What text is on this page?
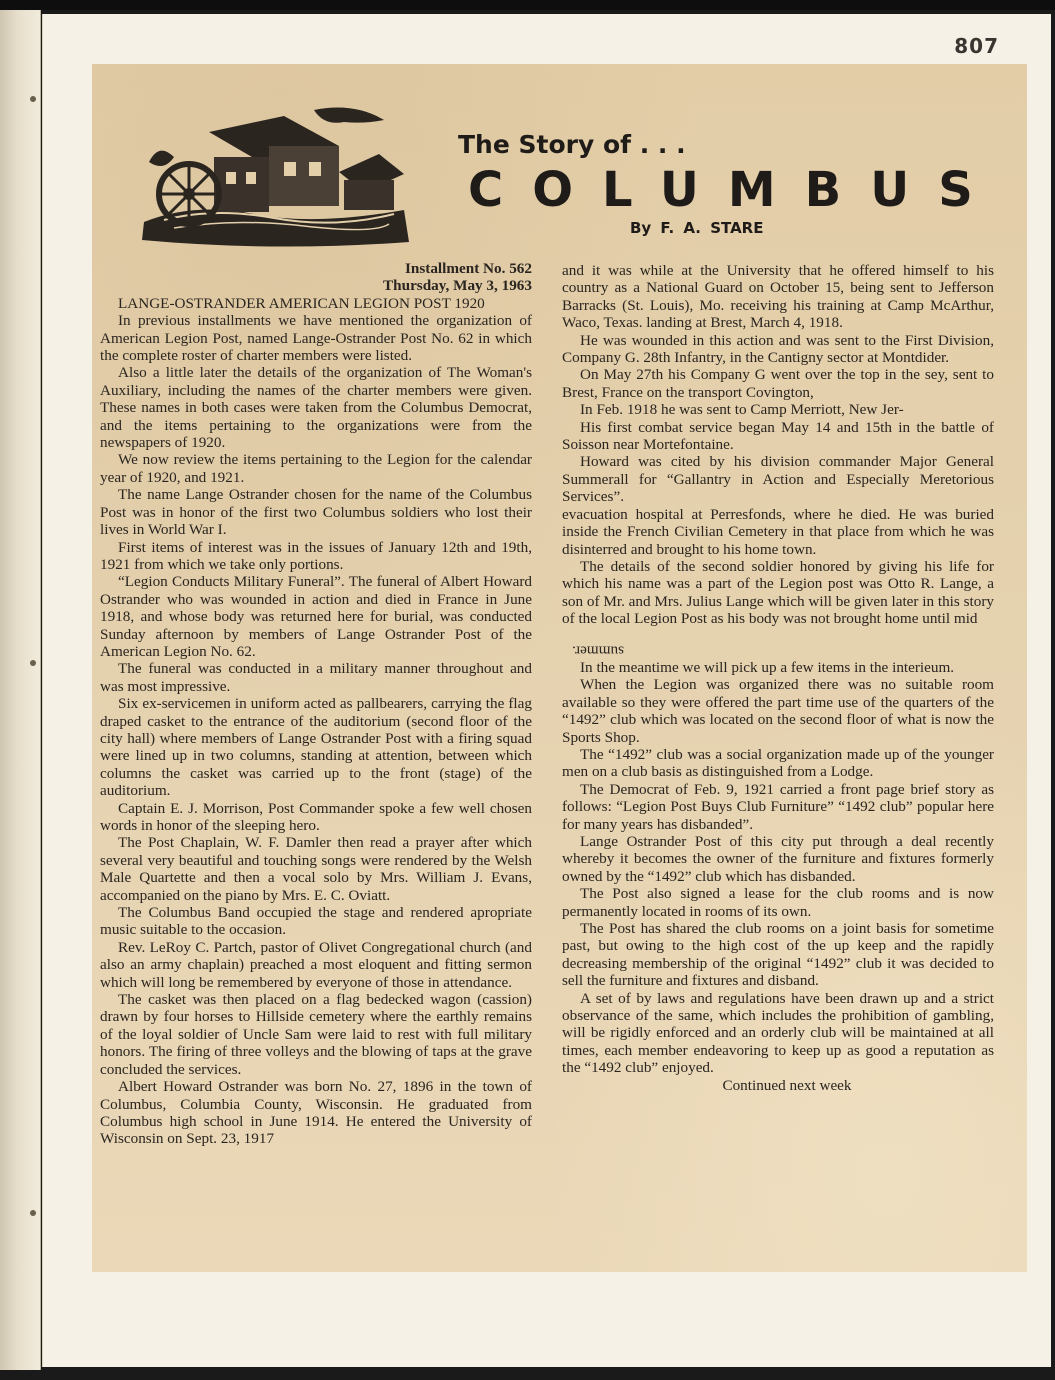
807
The Story of . . .
COLUMBUS
By F. A. STARE

Installment No. 562

Thursday, May 3, 1963

LANGE-OSTRANDER AMERICAN LEGION POST 1920

In previous installments we have mentioned the organization of American Legion Post, named Lange-Ostrander Post No. 62 in which the complete roster of charter members were listed.

Also a little later the details of the organization of The Woman's Auxiliary, including the names of the charter members were given. These names in both cases were taken from the Columbus Democrat, and the items pertaining to the organizations were from the newspapers of 1920.

We now review the items pertaining to the Legion for the calendar year of 1920, and 1921.

The name Lange Ostrander chosen for the name of the Columbus Post was in honor of the first two Columbus soldiers who lost their lives in World War I.

First items of interest was in the issues of January 12th and 19th, 1921 from which we take only portions.

“Legion Conducts Military Funeral”. The funeral of Albert Howard Ostrander who was wounded in action and died in France in June 1918, and whose body was returned here for burial, was conducted Sunday afternoon by members of Lange Ostrander Post of the American Legion No. 62.

The funeral was conducted in a military manner throughout and was most impressive.

Six ex-servicemen in uniform acted as pallbearers, carrying the flag draped casket to the entrance of the auditorium (second floor of the city hall) where members of Lange Ostrander Post with a firing squad were lined up in two columns, standing at attention, between which columns the casket was carried up to the front (stage) of the auditorium.

Captain E. J. Morrison, Post Commander spoke a few well chosen words in honor of the sleeping hero.

The Post Chaplain, W. F. Damler then read a prayer after which several very beautiful and touching songs were rendered by the Welsh Male Quartette and then a vocal solo by Mrs. William J. Evans, accompanied on the piano by Mrs. E. C. Oviatt.

The Columbus Band occupied the stage and rendered apropriate music suitable to the occasion.

Rev. LeRoy C. Partch, pastor of Olivet Congregational church (and also an army chaplain) preached a most eloquent and fitting sermon which will long be remembered by everyone of those in attendance.

The casket was then placed on a flag bedecked wagon (cassion) drawn by four horses to Hillside cemetery where the earthly remains of the loyal soldier of Uncle Sam were laid to rest with full military honors. The firing of three volleys and the blowing of taps at the grave concluded the services.

Albert Howard Ostrander was born No. 27, 1896 in the town of Columbus, Columbia County, Wisconsin. He graduated from Columbus high school in June 1914. He entered the University of Wisconsin on Sept. 23, 1917

and it was while at the University that he offered himself to his country as a National Guard on October 15, being sent to Jefferson Barracks (St. Louis), Mo. receiving his training at Camp McArthur, Waco, Texas. landing at Brest, March 4, 1918.

He was wounded in this action and was sent to the First Division, Company G. 28th Infantry, in the Cantigny sector at Montdider.

On May 27th his Company G went over the top in the sey, sent to Brest, France on the transport Covington,

In Feb. 1918 he was sent to Camp Merriott, New Jer-

His first combat service began May 14 and 15th in the battle of Soisson near Mortefontaine.

Howard was cited by his division commander Major General Summerall for “Gallantry in Action and Especially Meretorious Services”.

evacuation hospital at Perresfonds, where he died. He was buried inside the French Civilian Cemetery in that place from which he was disinterred and brought to his home town.

The details of the second soldier honored by giving his life for which his name was a part of the Legion post was Otto R. Lange, a son of Mr. and Mrs. Julius Lange which will be given later in this story of the local Legion Post as his body was not brought home until mid

summer.

In the meantime we will pick up a few items in the interieum.

When the Legion was organized there was no suitable room available so they were offered the part time use of the quarters of the “1492” club which was located on the second floor of what is now the Sports Shop.

The “1492” club was a social organization made up of the younger men on a club basis as distinguished from a Lodge.

The Democrat of Feb. 9, 1921 carried a front page brief story as follows: “Legion Post Buys Club Furniture” “1492 club” popular here for many years has disbanded”.

Lange Ostrander Post of this city put through a deal recently whereby it becomes the owner of the furniture and fixtures formerly owned by the “1492” club which has disbanded.

The Post also signed a lease for the club rooms and is now permanently located in rooms of its own.

The Post has shared the club rooms on a joint basis for sometime past, but owing to the high cost of the up keep and the rapidly decreasing membership of the original “1492” club it was decided to sell the furniture and fixtures and disband.

A set of by laws and regulations have been drawn up and a strict observance of the same, which includes the prohibition of gambling, will be rigidly enforced and an orderly club will be maintained at all times, each member endeavoring to keep up as good a reputation as the “1492 club” enjoyed.

Continued next week
